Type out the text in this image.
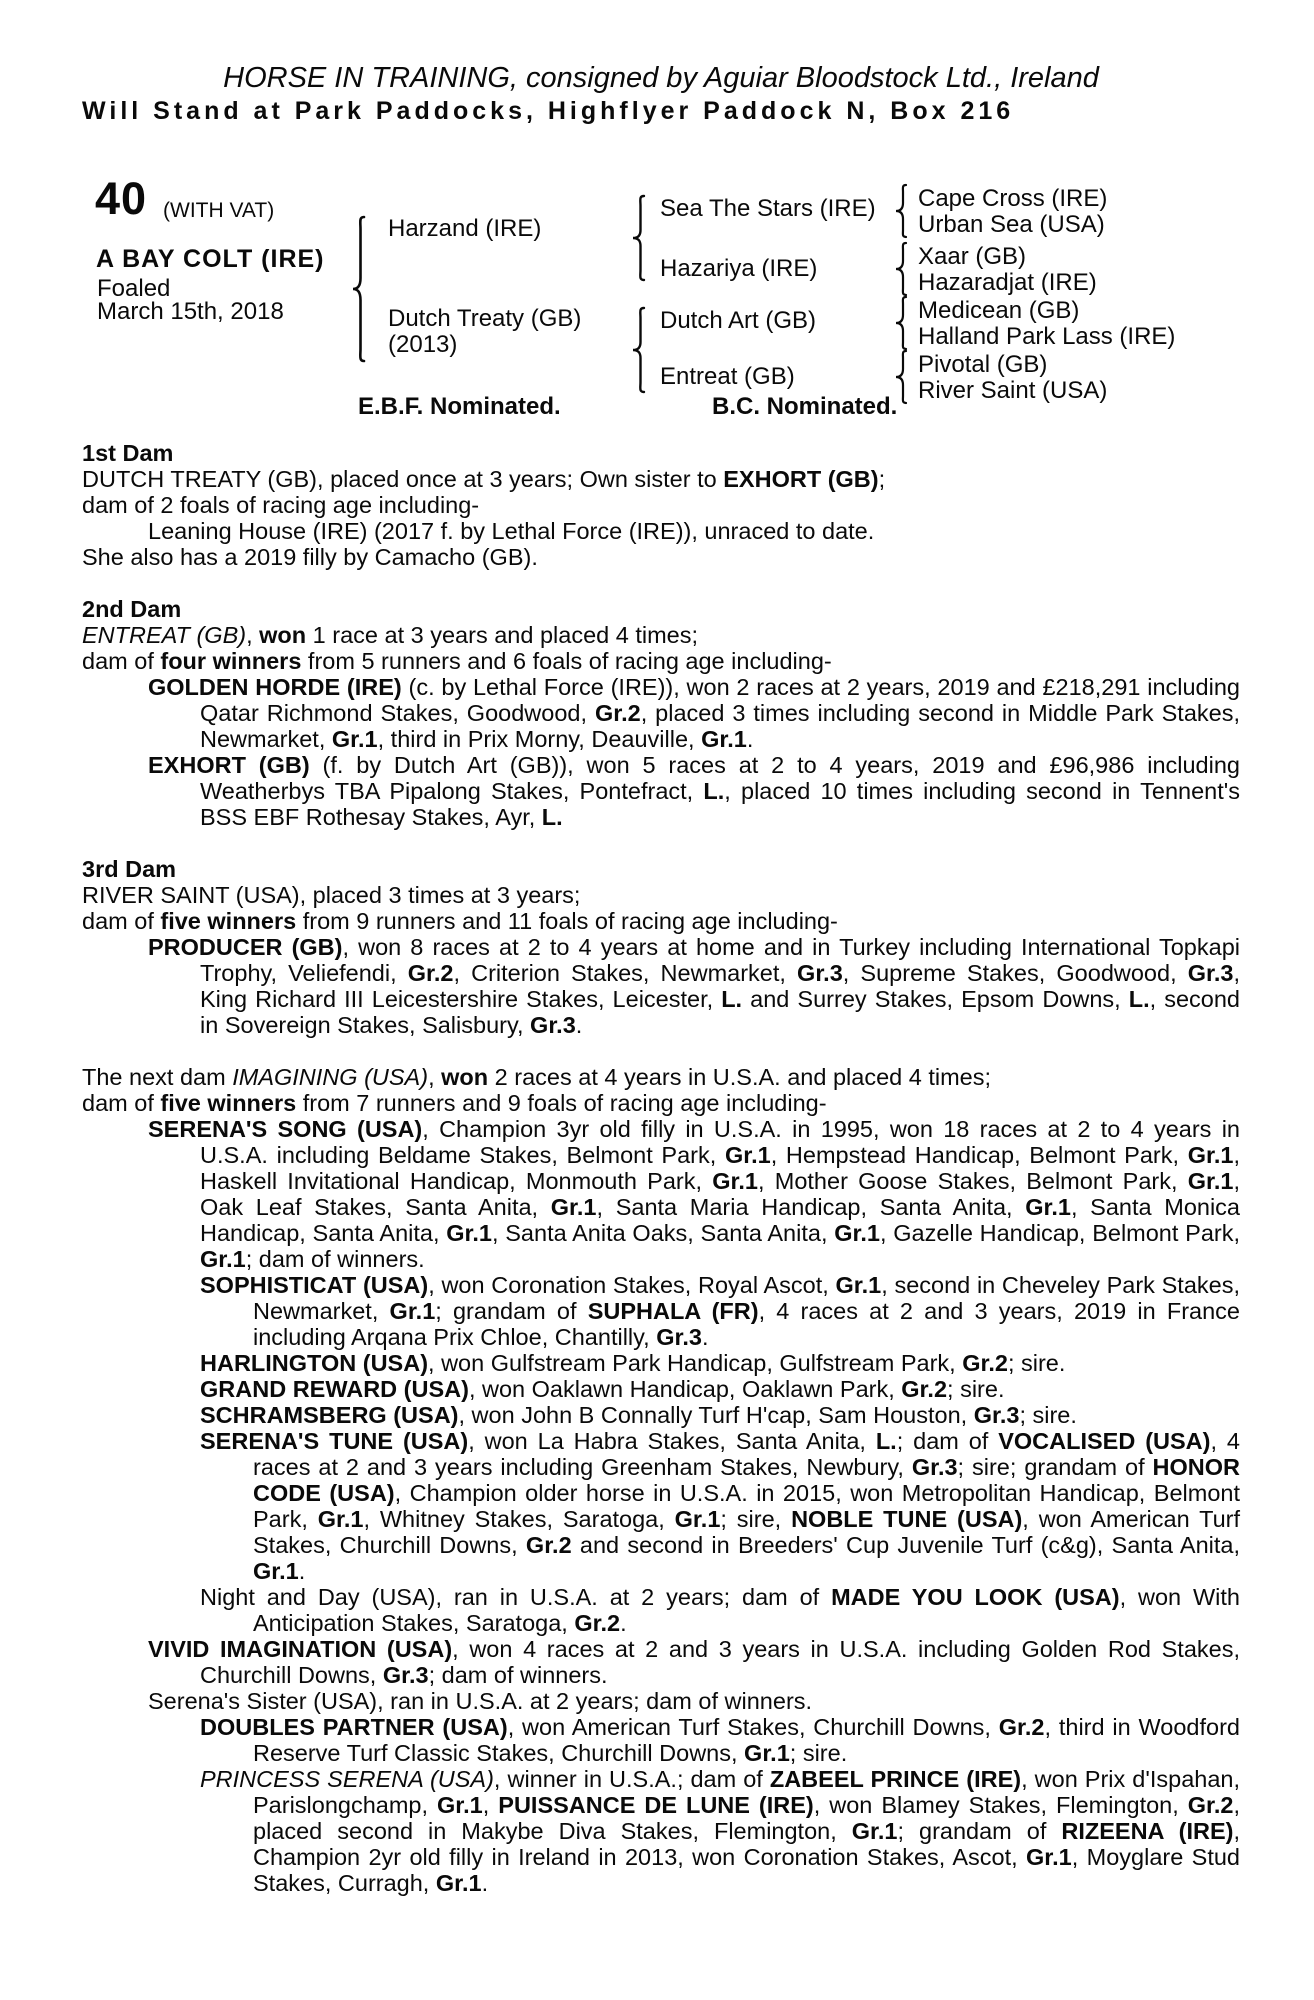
HORSE IN TRAINING, consigned by Aguiar Bloodstock Ltd., Ireland
Will Stand at Park Paddocks, Highflyer Paddock N, Box 216
40 (WITH VAT)
A BAY COLT (IRE)
Foaled
March 15th, 2018
Harzand (IRE)
Dutch Treaty (GB)
(2013)
Sea The Stars (IRE)
Hazariya (IRE)
Dutch Art (GB)
Entreat (GB)
Cape Cross (IRE)
Urban Sea (USA)
Xaar (GB)
Hazaradjat (IRE)
Medicean (GB)
Halland Park Lass (IRE)
Pivotal (GB)
River Saint (USA)
E.B.F. Nominated.	B.C. Nominated.
1st Dam
DUTCH TREATY (GB), placed once at 3 years; Own sister to EXHORT (GB);
dam of 2 foals of racing age including-
Leaning House (IRE) (2017 f. by Lethal Force (IRE)), unraced to date.
She also has a 2019 filly by Camacho (GB).
2nd Dam
ENTREAT (GB), won 1 race at 3 years and placed 4 times;
dam of four winners from 5 runners and 6 foals of racing age including-
GOLDEN HORDE (IRE) (c. by Lethal Force (IRE)), won 2 races at 2 years, 2019 and £218,291 including Qatar Richmond Stakes, Goodwood, Gr.2, placed 3 times including second in Middle Park Stakes, Newmarket, Gr.1, third in Prix Morny, Deauville, Gr.1.
EXHORT (GB) (f. by Dutch Art (GB)), won 5 races at 2 to 4 years, 2019 and £96,986 including Weatherbys TBA Pipalong Stakes, Pontefract, L., placed 10 times including second in Tennent's BSS EBF Rothesay Stakes, Ayr, L.
3rd Dam
RIVER SAINT (USA), placed 3 times at 3 years;
dam of five winners from 9 runners and 11 foals of racing age including-
PRODUCER (GB), won 8 races at 2 to 4 years at home and in Turkey including International Topkapi Trophy, Veliefendi, Gr.2, Criterion Stakes, Newmarket, Gr.3, Supreme Stakes, Goodwood, Gr.3, King Richard III Leicestershire Stakes, Leicester, L. and Surrey Stakes, Epsom Downs, L., second in Sovereign Stakes, Salisbury, Gr.3.
The next dam IMAGINING (USA), won 2 races at 4 years in U.S.A. and placed 4 times;
dam of five winners from 7 runners and 9 foals of racing age including-
SERENA'S SONG (USA), Champion 3yr old filly in U.S.A. in 1995, won 18 races at 2 to 4 years in U.S.A. including Beldame Stakes, Belmont Park, Gr.1, Hempstead Handicap, Belmont Park, Gr.1, Haskell Invitational Handicap, Monmouth Park, Gr.1, Mother Goose Stakes, Belmont Park, Gr.1, Oak Leaf Stakes, Santa Anita, Gr.1, Santa Maria Handicap, Santa Anita, Gr.1, Santa Monica Handicap, Santa Anita, Gr.1, Santa Anita Oaks, Santa Anita, Gr.1, Gazelle Handicap, Belmont Park, Gr.1; dam of winners.
SOPHISTICAT (USA), won Coronation Stakes, Royal Ascot, Gr.1, second in Cheveley Park Stakes, Newmarket, Gr.1; grandam of SUPHALA (FR), 4 races at 2 and 3 years, 2019 in France including Arqana Prix Chloe, Chantilly, Gr.3.
HARLINGTON (USA), won Gulfstream Park Handicap, Gulfstream Park, Gr.2; sire.
GRAND REWARD (USA), won Oaklawn Handicap, Oaklawn Park, Gr.2; sire.
SCHRAMSBERG (USA), won John B Connally Turf H'cap, Sam Houston, Gr.3; sire.
SERENA'S TUNE (USA), won La Habra Stakes, Santa Anita, L.; dam of VOCALISED (USA), 4 races at 2 and 3 years including Greenham Stakes, Newbury, Gr.3; sire; grandam of HONOR CODE (USA), Champion older horse in U.S.A. in 2015, won Metropolitan Handicap, Belmont Park, Gr.1, Whitney Stakes, Saratoga, Gr.1; sire, NOBLE TUNE (USA), won American Turf Stakes, Churchill Downs, Gr.2 and second in Breeders' Cup Juvenile Turf (c&g), Santa Anita, Gr.1.
Night and Day (USA), ran in U.S.A. at 2 years; dam of MADE YOU LOOK (USA), won With Anticipation Stakes, Saratoga, Gr.2.
VIVID IMAGINATION (USA), won 4 races at 2 and 3 years in U.S.A. including Golden Rod Stakes, Churchill Downs, Gr.3; dam of winners.
Serena's Sister (USA), ran in U.S.A. at 2 years; dam of winners.
DOUBLES PARTNER (USA), won American Turf Stakes, Churchill Downs, Gr.2, third in Woodford Reserve Turf Classic Stakes, Churchill Downs, Gr.1; sire.
PRINCESS SERENA (USA), winner in U.S.A.; dam of ZABEEL PRINCE (IRE), won Prix d'Ispahan, Parislongchamp, Gr.1, PUISSANCE DE LUNE (IRE), won Blamey Stakes, Flemington, Gr.2, placed second in Makybe Diva Stakes, Flemington, Gr.1; grandam of RIZEENA (IRE), Champion 2yr old filly in Ireland in 2013, won Coronation Stakes, Ascot, Gr.1, Moyglare Stud Stakes, Curragh, Gr.1.
